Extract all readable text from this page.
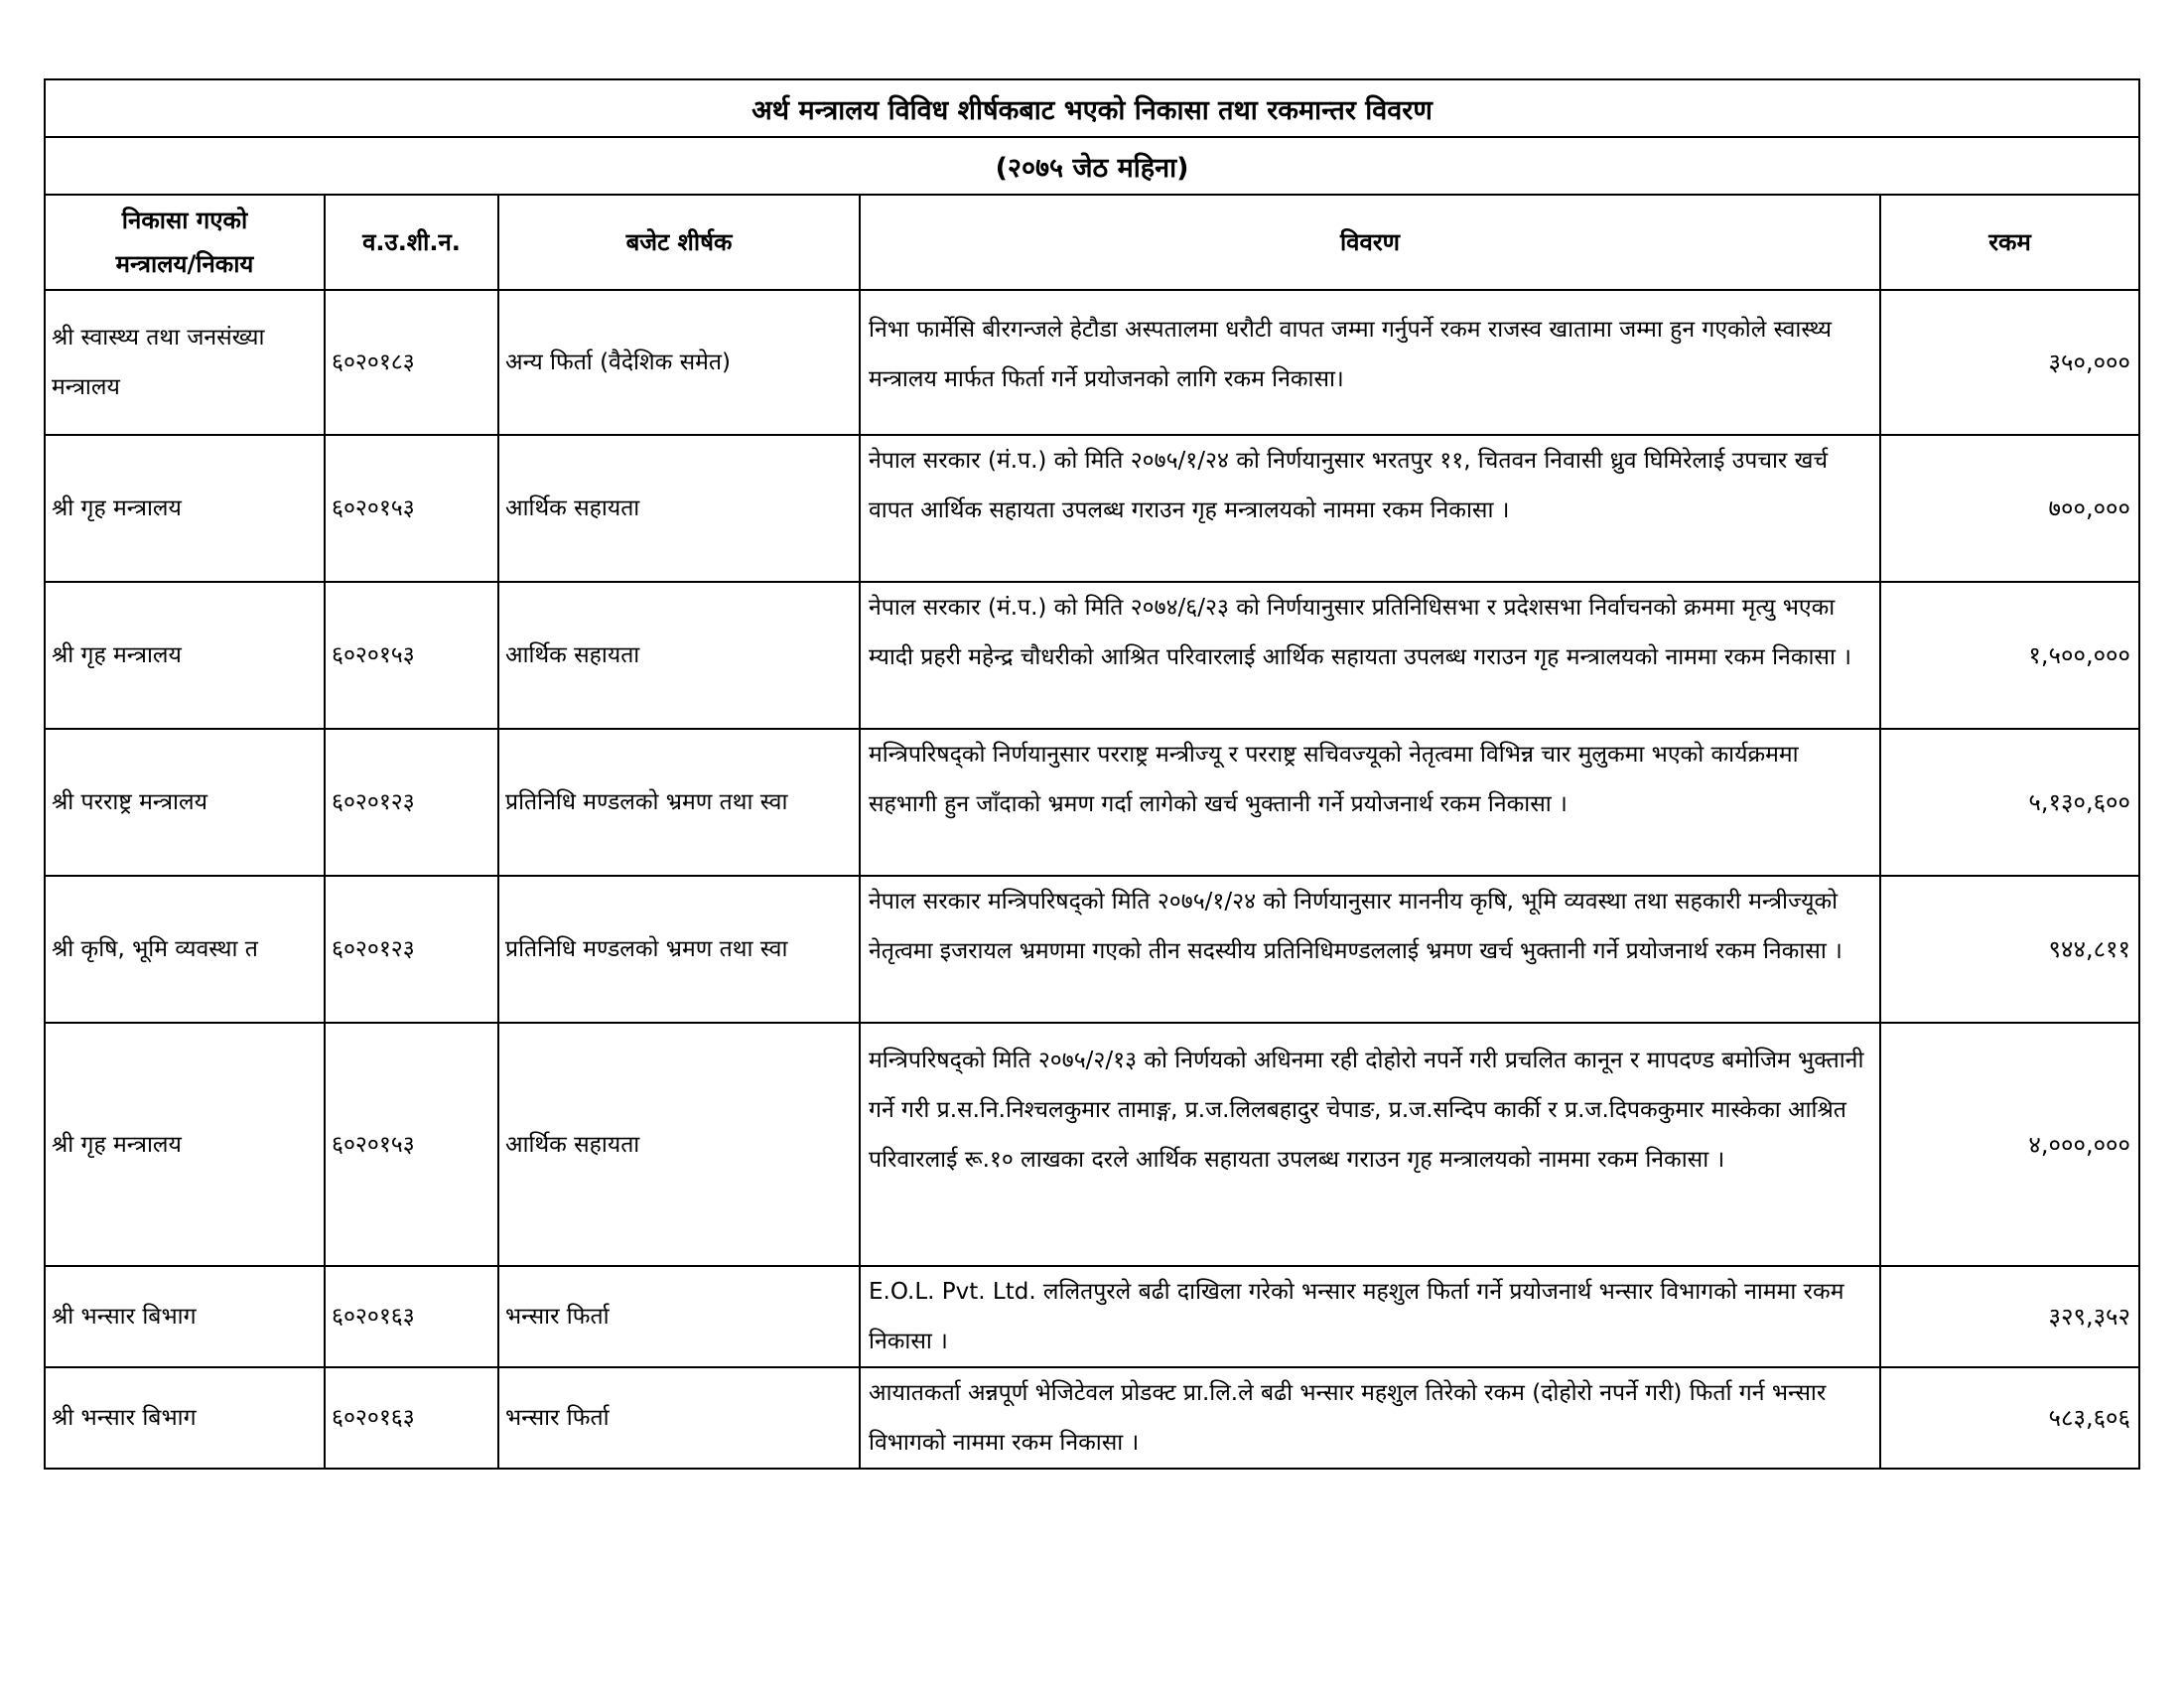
अर्थ मन्त्रालय विविध शीर्षकबाट भएको निकासा तथा रकमान्तर विवरण				
(२०७५ जेठ महिना)				

निकासा गएको
मन्त्रालय/निकाय	व.उ.शी.न.	बजेट शीर्षक	विवरण	रकम
श्री स्वास्थ्य तथा जनसंख्या मन्त्रालय	६०२०१८३	अन्य फिर्ता (वैदेशिक समेत)	निभा फार्मेसि बीरगन्जले हेटौडा अस्पतालमा धरौटी वापत जम्मा गर्नुपर्ने रकम राजस्व खातामा जम्मा हुन गएकोले स्वास्थ्य मन्त्रालय मार्फत फिर्ता गर्ने प्रयोजनको लागि रकम निकासा।	३५०,०००
श्री गृह मन्त्रालय	६०२०१५३	आर्थिक सहायता	नेपाल सरकार (मं.प.) को मिति २०७५/१/२४ को निर्णयानुसार भरतपुर ११, चितवन निवासी ध्रुव घिमिरेलाई उपचार खर्च वापत आर्थिक सहायता उपलब्ध गराउन गृह मन्त्रालयको नाममा रकम निकासा ।	७००,०००
श्री गृह मन्त्रालय	६०२०१५३	आर्थिक सहायता	नेपाल सरकार (मं.प.) को मिति २०७४/६/२३ को निर्णयानुसार प्रतिनिधिसभा र प्रदेशसभा निर्वाचनको क्रममा मृत्यु भएका म्यादी प्रहरी महेन्द्र चौधरीको आश्रित परिवारलाई आर्थिक सहायता उपलब्ध गराउन गृह मन्त्रालयको नाममा रकम निकासा ।	१,५००,०००
श्री परराष्ट्र मन्त्रालय	६०२०१२३	प्रतिनिधि मण्डलको भ्रमण तथा स्वा	मन्त्रिपरिषद्को निर्णयानुसार परराष्ट्र मन्त्रीज्यू र परराष्ट्र सचिवज्यूको नेतृत्वमा विभिन्न चार मुलुकमा भएको कार्यक्रममा सहभागी हुन जाँदाको भ्रमण गर्दा लागेको खर्च भुक्तानी गर्ने प्रयोजनार्थ रकम निकासा ।	५,१३०,६००
श्री कृषि, भूमि व्यवस्था त	६०२०१२३	प्रतिनिधि मण्डलको भ्रमण तथा स्वा	नेपाल सरकार मन्त्रिपरिषद्को मिति २०७५/१/२४ को निर्णयानुसार माननीय कृषि, भूमि व्यवस्था तथा सहकारी मन्त्रीज्यूको नेतृत्वमा इजरायल भ्रमणमा गएको तीन सदस्यीय प्रतिनिधिमण्डललाई भ्रमण खर्च भुक्तानी गर्ने प्रयोजनार्थ रकम निकासा ।	९४४,८११
श्री गृह मन्त्रालय	६०२०१५३	आर्थिक सहायता	मन्त्रिपरिषद्को मिति २०७५/२/१३ को निर्णयको अधिनमा रही दोहोरो नपर्ने गरी प्रचलित कानून र मापदण्ड बमोजिम भुक्तानी गर्ने गरी प्र.स.नि.निश्चलकुमार तामाङ्ग, प्र.ज.लिलबहादुर चेपाङ, प्र.ज.सन्दिप कार्की र प्र.ज.दिपककुमार मास्केका आश्रित परिवारलाई रू.१० लाखका दरले आर्थिक सहायता उपलब्ध गराउन गृह मन्त्रालयको नाममा रकम निकासा ।	४,०००,०००
श्री भन्सार बिभाग	६०२०१६३	भन्सार फिर्ता	E.O.L. Pvt. Ltd. ललितपुरले बढी दाखिला गरेको भन्सार महशुल फिर्ता गर्ने प्रयोजनार्थ भन्सार विभागको नाममा रकम निकासा ।	३२९,३५२
श्री भन्सार बिभाग	६०२०१६३	भन्सार फिर्ता	आयातकर्ता अन्नपूर्ण भेजिटेवल प्रोडक्ट प्रा.लि.ले बढी भन्सार महशुल तिरेको रकम (दोहोरो नपर्ने गरी) फिर्ता गर्न भन्सार विभागको नाममा रकम निकासा ।	५८३,६०६
